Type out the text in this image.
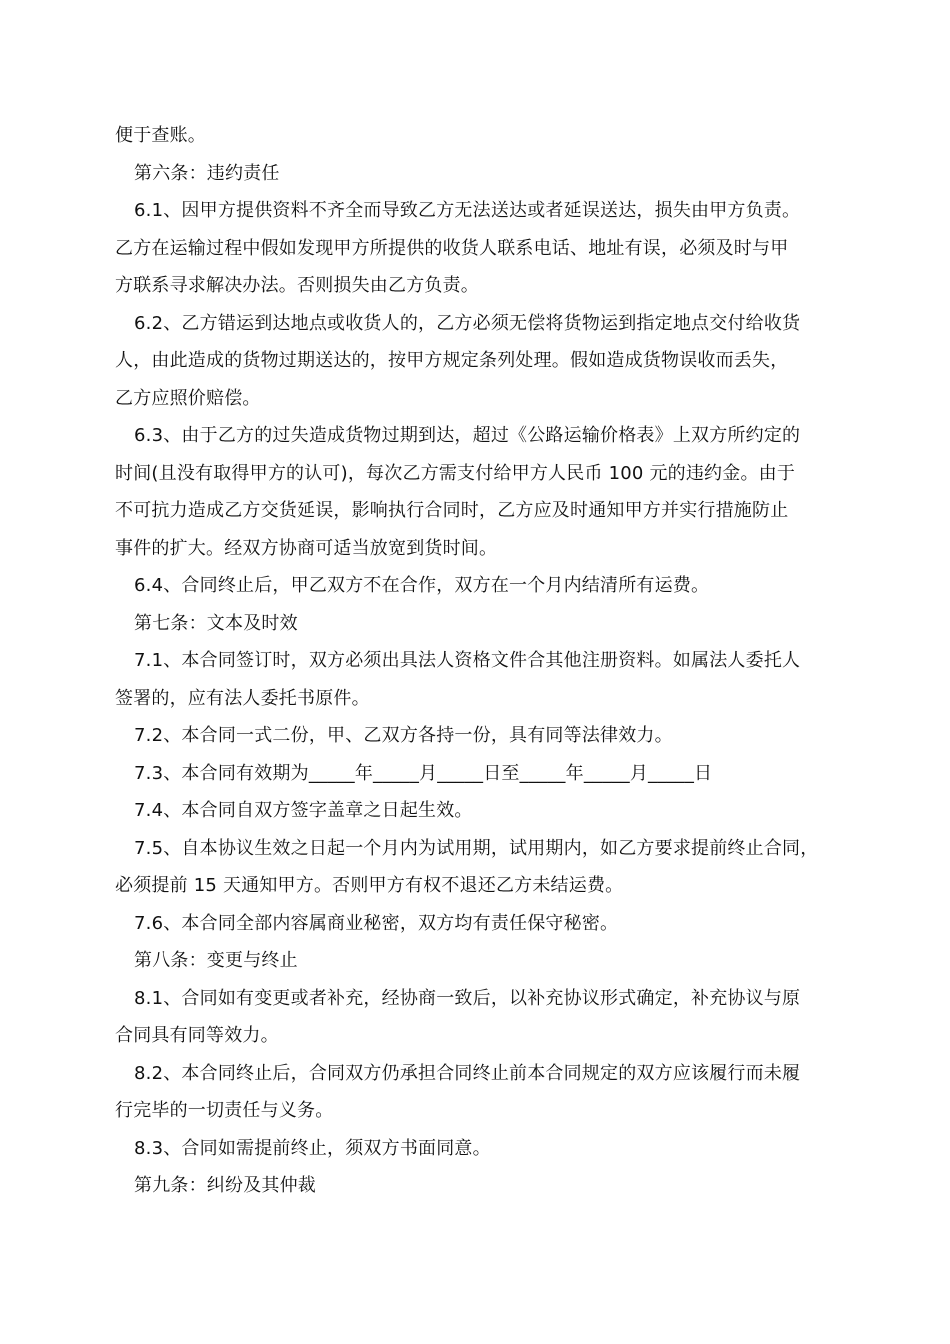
便于查账。
第六条：违约责任
6.1、因甲方提供资料不齐全而导致乙方无法送达或者延误送达，损失由甲方负责。
乙方在运输过程中假如发现甲方所提供的收货人联系电话、地址有误，必须及时与甲
方联系寻求解决办法。否则损失由乙方负责。
6.2、乙方错运到达地点或收货人的，乙方必须无偿将货物运到指定地点交付给收货
人，由此造成的货物过期送达的，按甲方规定条列处理。假如造成货物误收而丢失，
乙方应照价赔偿。
6.3、由于乙方的过失造成货物过期到达，超过《公路运输价格表》上双方所约定的
时间(且没有取得甲方的认可)，每次乙方需支付给甲方人民币 100 元的违约金。由于
不可抗力造成乙方交货延误，影响执行合同时，乙方应及时通知甲方并实行措施防止
事件的扩大。经双方协商可适当放宽到货时间。
6.4、合同终止后，甲乙双方不在合作，双方在一个月内结清所有运费。
第七条：文本及时效
7.1、本合同签订时，双方必须出具法人资格文件合其他注册资料。如属法人委托人
签署的，应有法人委托书原件。
7.2、本合同一式二份，甲、乙双方各持一份，具有同等法律效力。
7.3、本合同有效期为_____年_____月_____日至_____年_____月_____日
7.4、本合同自双方签字盖章之日起生效。
7.5、自本协议生效之日起一个月内为试用期，试用期内，如乙方要求提前终止合同，
必须提前 15 天通知甲方。否则甲方有权不退还乙方未结运费。
7.6、本合同全部内容属商业秘密，双方均有责任保守秘密。
第八条：变更与终止
8.1、合同如有变更或者补充，经协商一致后，以补充协议形式确定，补充协议与原
合同具有同等效力。
8.2、本合同终止后，合同双方仍承担合同终止前本合同规定的双方应该履行而未履
行完毕的一切责任与义务。
8.3、合同如需提前终止，须双方书面同意。
第九条：纠纷及其仲裁
